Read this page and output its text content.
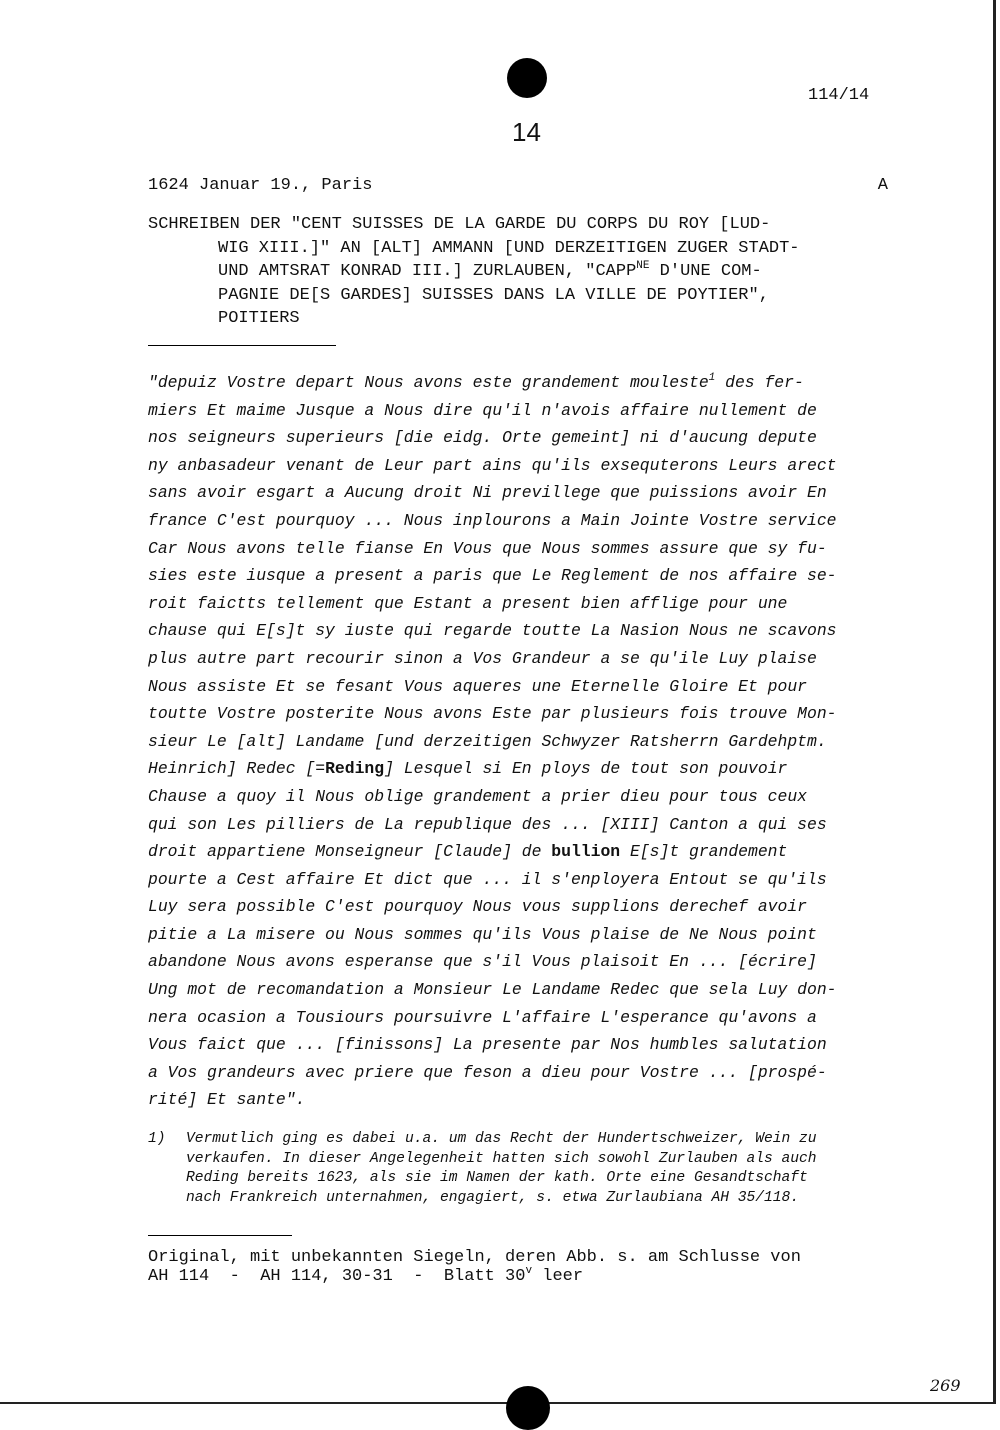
114/14
14
1624 Januar 19., Paris	A
SCHREIBEN DER "CENT SUISSES DE LA GARDE DU CORPS DU ROY [LUD-
WIG XIII.]" AN [ALT] AMMANN [UND DERZEITIGEN ZUGER STADT-
UND AMTSRAT KONRAD III.] ZURLAUBEN, "$CAPP^{NE}$ D'UNE COM-
PAGNIE DE[S GARDES] SUISSES DANS LA VILLE DE POYTIER",
POITIERS
"depuiz Vostre depart Nous avons este grandement mouleste$^1$ des fer-
miers Et maime Jusque a Nous dire qu'il n'avois affaire nullement de
nos seigneurs superieurs [die eidg. Orte gemeint] ni d'aucung depute
ny anbasadeur venant de Leur part ains qu'ils exsequterons Leurs arect
sans avoir esgart a Aucung droit Ni previllege que puissions avoir En
france C'est pourquoy ... Nous inplourons a Main Jointe Vostre service
Car Nous avons telle fianse En Vous que Nous sommes assure que sy fu-
sies este iusque a present a paris que Le Reglement de nos affaire se-
roit faictts tellement que Estant a present bien afflige pour une
chause qui E[s]t sy iuste qui regarde toutte La Nasion Nous ne scavons
plus autre part recourir sinon a Vos Grandeur a se qu'ile Luy plaise
Nous assiste Et se fesant Vous aqueres une Eternelle Gloire Et pour
toutte Vostre posterite Nous avons Este par plusieurs fois trouve Mon-
sieur Le [alt] Landame [und derzeitigen Schwyzer Ratsherrn Gardehptm.
Heinrich] Redec [=Reding] Lesquel si En ploys de tout son pouvoir
Chause a quoy il Nous oblige grandement a prier dieu pour tous ceux
qui son Les pilliers de La republique des ... [XIII] Canton a qui ses
droit appartiene Monseigneur [Claude] de bullion E[s]t grandement
pourte a Cest affaire Et dict que ... il s'enployera Entout se qu'ils
Luy sera possible C'est pourquoy Nous vous supplions derechef avoir
pitie a La misere ou Nous sommes qu'ils Vous plaise de Ne Nous point
abandone Nous avons esperanse que s'il Vous plaisoit En ... [écrire]
Ung mot de recomandation a Monsieur Le Landame Redec que sela Luy don-
nera ocasion a Tousiours poursuivre L'affaire L'esperance qu'avons a
Vous faict que ... [finissons] La presente par Nos humbles salutation
a Vos grandeurs avec priere que feson a dieu pour Vostre ... [prospé-
rité] Et sante".
1) Vermutlich ging es dabei u.a. um das Recht der Hundertschweizer, Wein zu
verkaufen. In dieser Angelegenheit hatten sich sowohl Zurlauben als auch
Reding bereits 1623, als sie im Namen der kath. Orte eine Gesandtschaft
nach Frankreich unternahmen, engagiert, s. etwa Zurlaubiana AH 35/118.
Original, mit unbekannten Siegeln, deren Abb. s. am Schlusse von
AH 114  -  AH 114, 30-31  -  Blatt 30$^v$ leer
269
